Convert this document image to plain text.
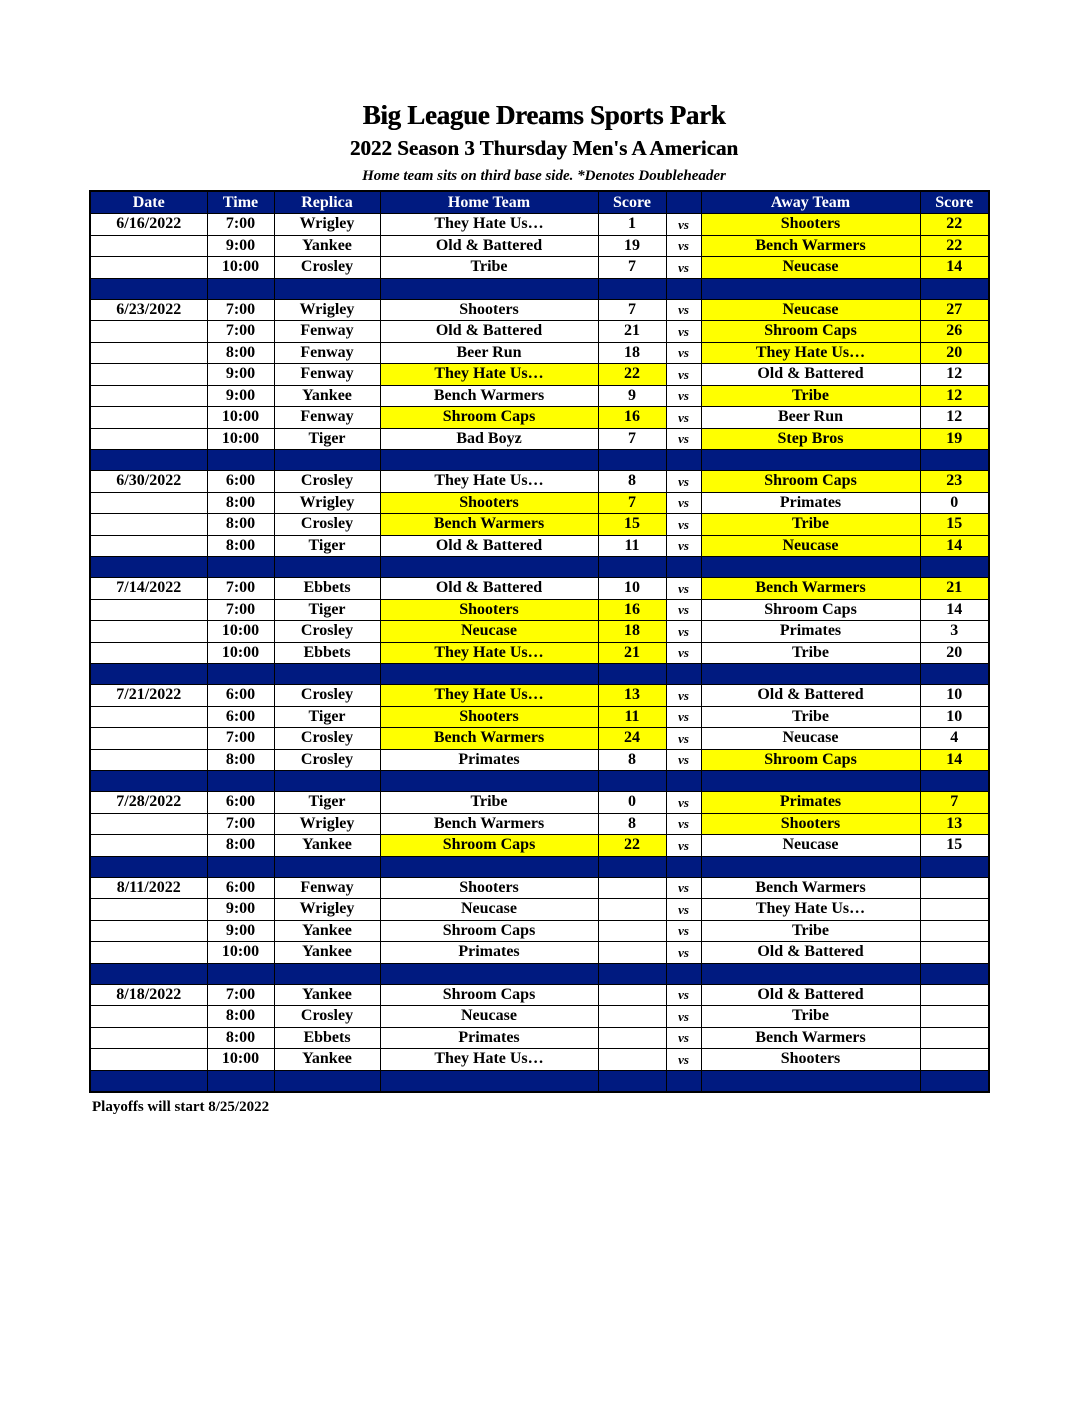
Big League Dreams Sports Park
2022 Season 3 Thursday Men's A American
Home team sits on third base side. *Denotes Doubleheader
Date	Time	Replica	Home Team	Score		Away Team	Score
6/16/2022	7:00	Wrigley	They Hate Us…	1	vs	Shooters	22
	9:00	Yankee	Old & Battered	19	vs	Bench Warmers	22
	10:00	Crosley	Tribe	7	vs	Neucase	14

6/23/2022	7:00	Wrigley	Shooters	7	vs	Neucase	27
	7:00	Fenway	Old & Battered	21	vs	Shroom Caps	26
	8:00	Fenway	Beer Run	18	vs	They Hate Us…	20
	9:00	Fenway	They Hate Us…	22	vs	Old & Battered	12
	9:00	Yankee	Bench Warmers	9	vs	Tribe	12
	10:00	Fenway	Shroom Caps	16	vs	Beer Run	12
	10:00	Tiger	Bad Boyz	7	vs	Step Bros	19

6/30/2022	6:00	Crosley	They Hate Us…	8	vs	Shroom Caps	23
	8:00	Wrigley	Shooters	7	vs	Primates	0
	8:00	Crosley	Bench Warmers	15	vs	Tribe	15
	8:00	Tiger	Old & Battered	11	vs	Neucase	14

7/14/2022	7:00	Ebbets	Old & Battered	10	vs	Bench Warmers	21
	7:00	Tiger	Shooters	16	vs	Shroom Caps	14
	10:00	Crosley	Neucase	18	vs	Primates	3
	10:00	Ebbets	They Hate Us…	21	vs	Tribe	20

7/21/2022	6:00	Crosley	They Hate Us…	13	vs	Old & Battered	10
	6:00	Tiger	Shooters	11	vs	Tribe	10
	7:00	Crosley	Bench Warmers	24	vs	Neucase	4
	8:00	Crosley	Primates	8	vs	Shroom Caps	14

7/28/2022	6:00	Tiger	Tribe	0	vs	Primates	7
	7:00	Wrigley	Bench Warmers	8	vs	Shooters	13
	8:00	Yankee	Shroom Caps	22	vs	Neucase	15

8/11/2022	6:00	Fenway	Shooters		vs	Bench Warmers	
	9:00	Wrigley	Neucase		vs	They Hate Us…	
	9:00	Yankee	Shroom Caps		vs	Tribe	
	10:00	Yankee	Primates		vs	Old & Battered	

8/18/2022	7:00	Yankee	Shroom Caps		vs	Old & Battered	
	8:00	Crosley	Neucase		vs	Tribe	
	8:00	Ebbets	Primates		vs	Bench Warmers	
	10:00	Yankee	They Hate Us…		vs	Shooters	

Playoffs will start 8/25/2022
